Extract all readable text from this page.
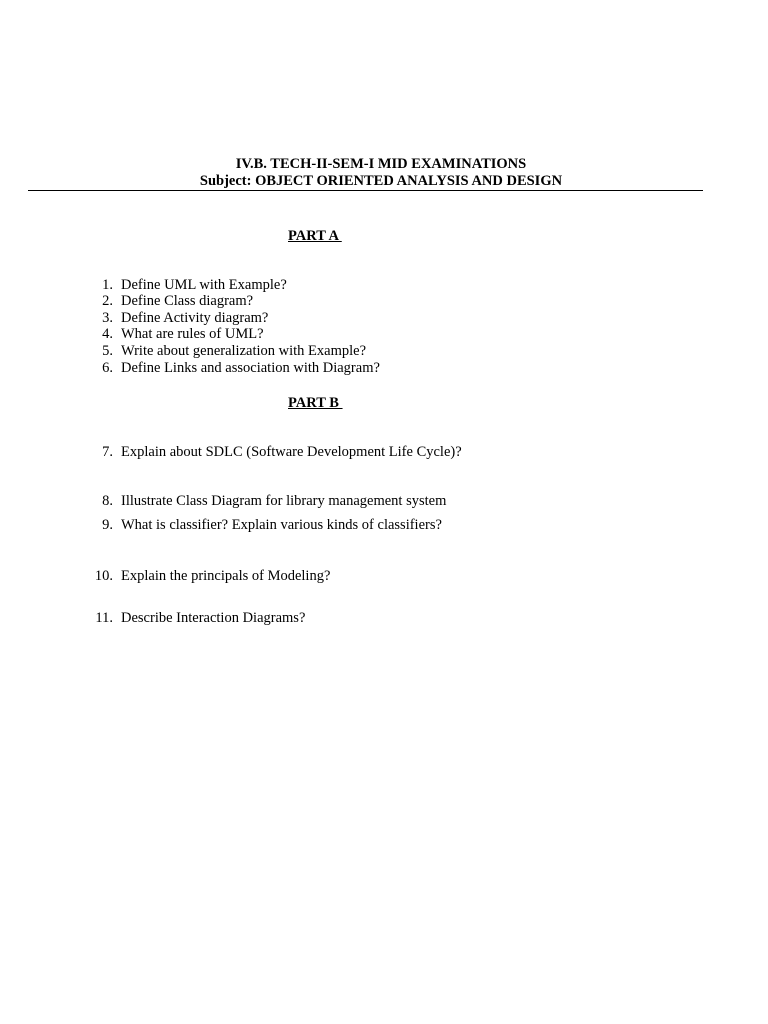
IV.B. TECH-II-SEM-I MID EXAMINATIONS
Subject: OBJECT ORIENTED ANALYSIS AND DESIGN
PART A
1. Define UML with Example?
2. Define Class diagram?
3. Define Activity diagram?
4. What are rules of UML?
5. Write about generalization with Example?
6. Define Links and association with Diagram?
PART B
7. Explain about SDLC (Software Development Life Cycle)?
8. Illustrate Class Diagram for library management system
9. What is classifier? Explain various kinds of classifiers?
10. Explain the principals of Modeling?
11. Describe Interaction Diagrams?
